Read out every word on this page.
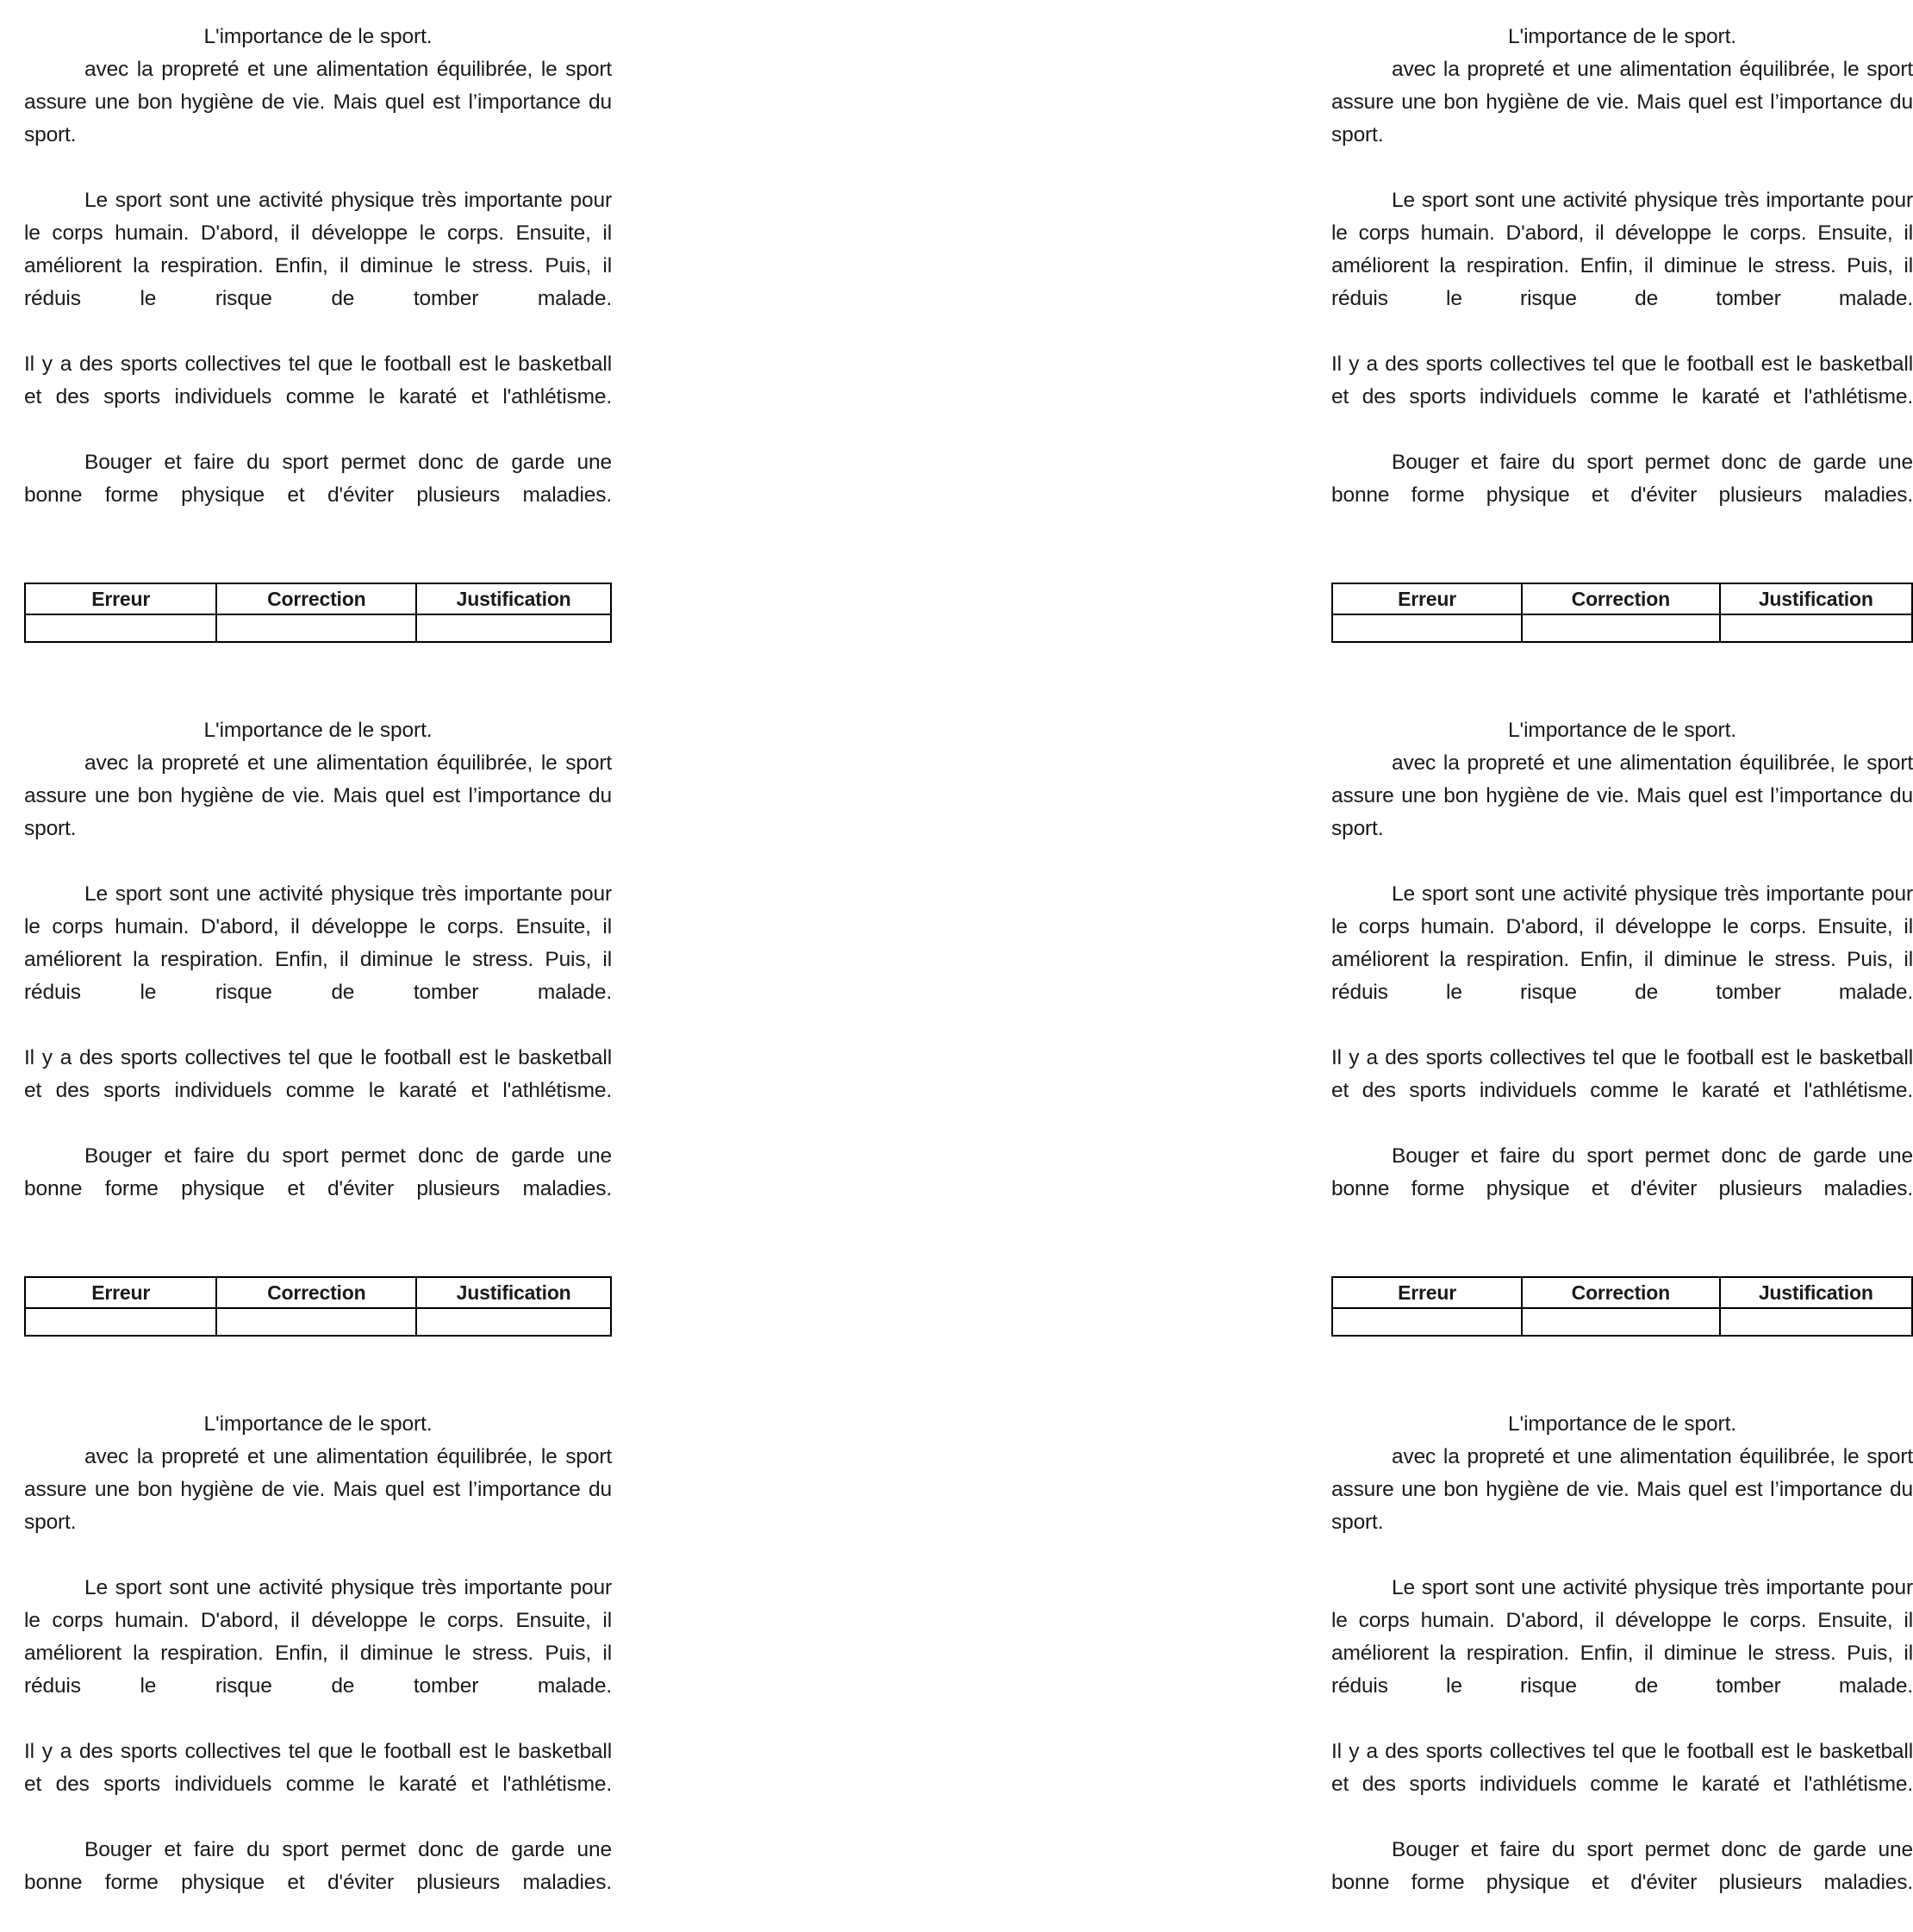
L'importance de le sport.

avec la propreté et une alimentation équilibrée, le sport assure une bon hygiène de vie. Mais quel est l’importance du sport.

Le sport sont une activité physique très importante pour le corps humain. D'abord, il développe le corps. Ensuite, il améliorent la respiration. Enfin, il diminue le stress. Puis, il réduis le risque de tomber malade.

Il y a des sports collectives tel que le football est le basketball et des sports individuels comme le karaté et l'athlétisme.

Bouger et faire du sport permet donc de garde une bonne forme physique et d'éviter plusieurs maladies.

Erreur	Correction	Justification

L'importance de le sport.

avec la propreté et une alimentation équilibrée, le sport assure une bon hygiène de vie. Mais quel est l’importance du sport.

Le sport sont une activité physique très importante pour le corps humain. D'abord, il développe le corps. Ensuite, il améliorent la respiration. Enfin, il diminue le stress. Puis, il réduis le risque de tomber malade.

Il y a des sports collectives tel que le football est le basketball et des sports individuels comme le karaté et l'athlétisme.

Bouger et faire du sport permet donc de garde une bonne forme physique et d'éviter plusieurs maladies.

Erreur	Correction	Justification

L'importance de le sport.

avec la propreté et une alimentation équilibrée, le sport assure une bon hygiène de vie. Mais quel est l’importance du sport.

Le sport sont une activité physique très importante pour le corps humain. D'abord, il développe le corps. Ensuite, il améliorent la respiration. Enfin, il diminue le stress. Puis, il réduis le risque de tomber malade.

Il y a des sports collectives tel que le football est le basketball et des sports individuels comme le karaté et l'athlétisme.

Bouger et faire du sport permet donc de garde une bonne forme physique et d'éviter plusieurs maladies.

L'importance de le sport.

avec la propreté et une alimentation équilibrée, le sport assure une bon hygiène de vie. Mais quel est l’importance du sport.

Le sport sont une activité physique très importante pour le corps humain. D'abord, il développe le corps. Ensuite, il améliorent la respiration. Enfin, il diminue le stress. Puis, il réduis le risque de tomber malade.

Il y a des sports collectives tel que le football est le basketball et des sports individuels comme le karaté et l'athlétisme.

Bouger et faire du sport permet donc de garde une bonne forme physique et d'éviter plusieurs maladies.

Erreur	Correction	Justification

L'importance de le sport.

avec la propreté et une alimentation équilibrée, le sport assure une bon hygiène de vie. Mais quel est l’importance du sport.

Le sport sont une activité physique très importante pour le corps humain. D'abord, il développe le corps. Ensuite, il améliorent la respiration. Enfin, il diminue le stress. Puis, il réduis le risque de tomber malade.

Il y a des sports collectives tel que le football est le basketball et des sports individuels comme le karaté et l'athlétisme.

Bouger et faire du sport permet donc de garde une bonne forme physique et d'éviter plusieurs maladies.

Erreur	Correction	Justification

L'importance de le sport.

avec la propreté et une alimentation équilibrée, le sport assure une bon hygiène de vie. Mais quel est l’importance du sport.

Le sport sont une activité physique très importante pour le corps humain. D'abord, il développe le corps. Ensuite, il améliorent la respiration. Enfin, il diminue le stress. Puis, il réduis le risque de tomber malade.

Il y a des sports collectives tel que le football est le basketball et des sports individuels comme le karaté et l'athlétisme.

Bouger et faire du sport permet donc de garde une bonne forme physique et d'éviter plusieurs maladies.
